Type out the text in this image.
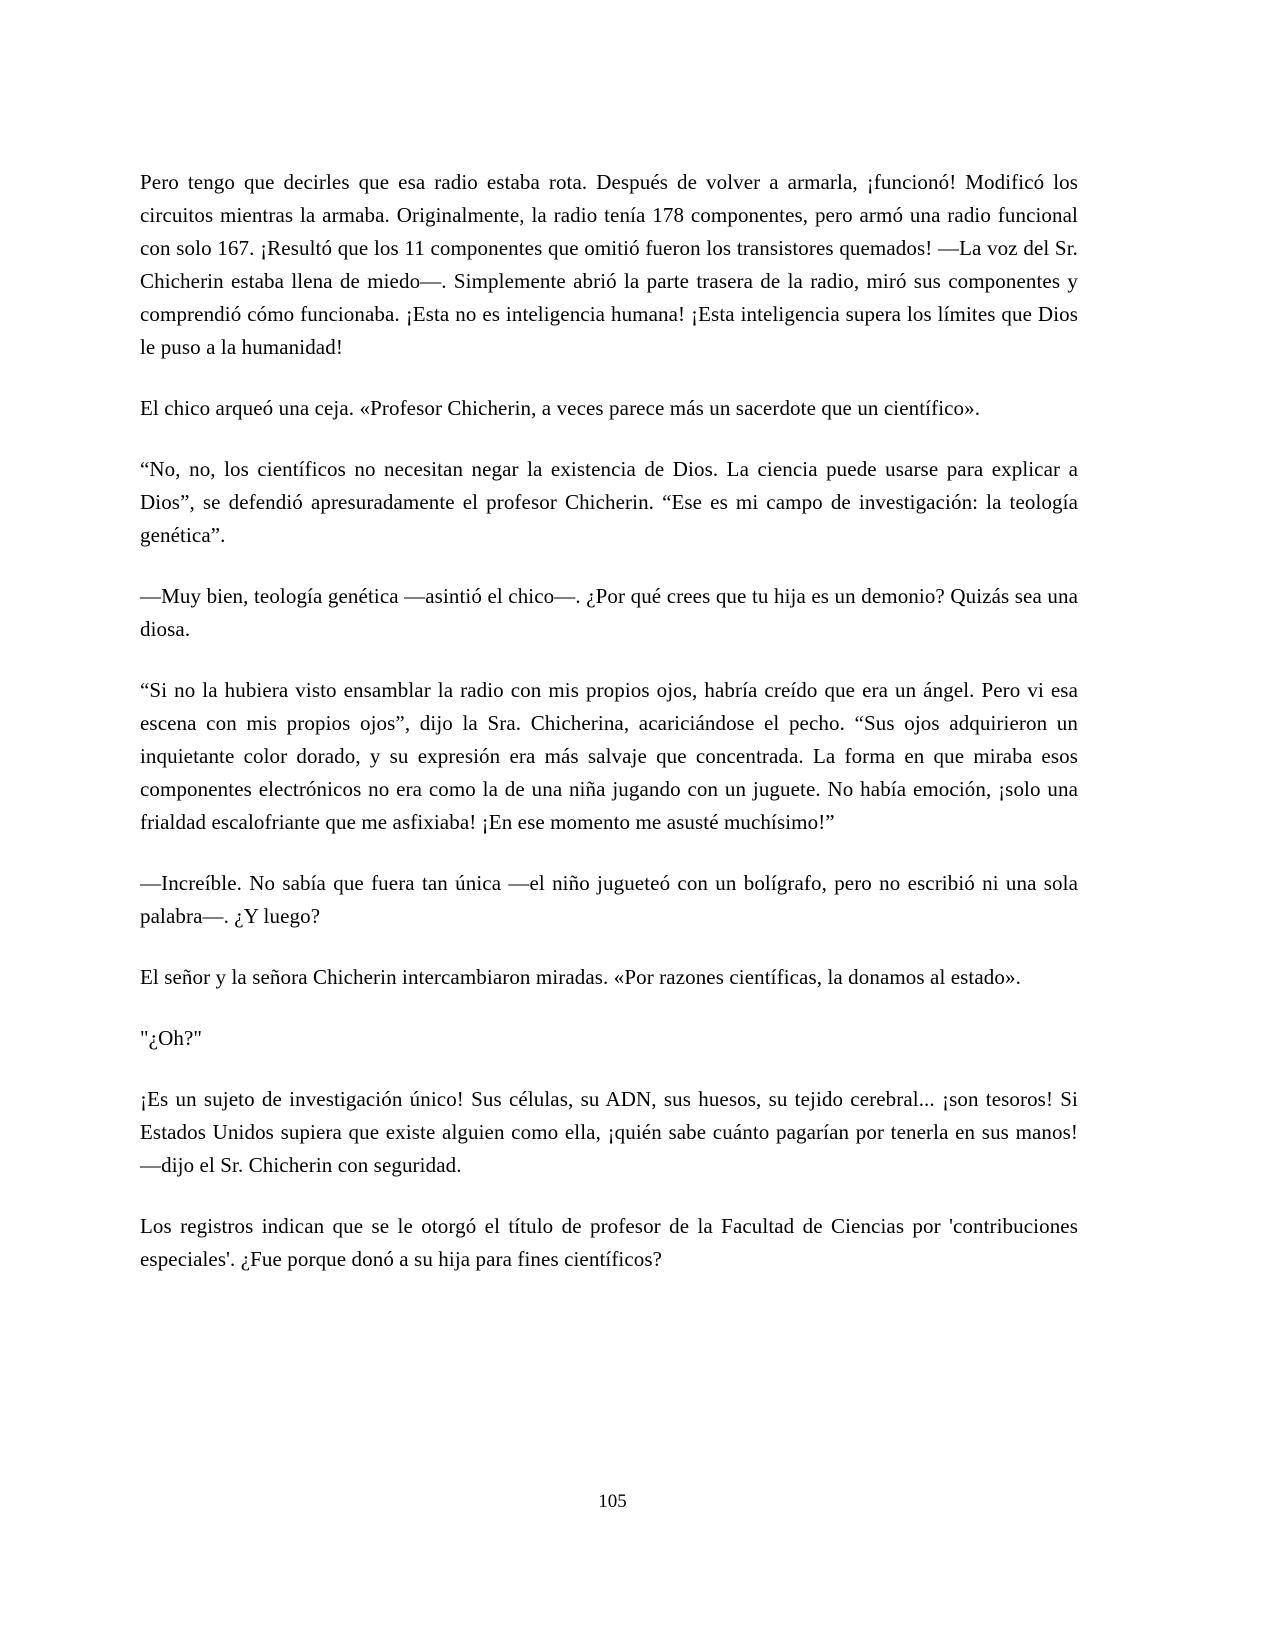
Pero tengo que decirles que esa radio estaba rota. Después de volver a armarla, ¡funcionó! Modificó los circuitos mientras la armaba. Originalmente, la radio tenía 178 componentes, pero armó una radio funcional con solo 167. ¡Resultó que los 11 componentes que omitió fueron los transistores quemados! —La voz del Sr. Chicherin estaba llena de miedo—. Simplemente abrió la parte trasera de la radio, miró sus componentes y comprendió cómo funcionaba. ¡Esta no es inteligencia humana! ¡Esta inteligencia supera los límites que Dios le puso a la humanidad!

El chico arqueó una ceja. «Profesor Chicherin, a veces parece más un sacerdote que un científico».

“No, no, los científicos no necesitan negar la existencia de Dios. La ciencia puede usarse para explicar a Dios”, se defendió apresuradamente el profesor Chicherin. “Ese es mi campo de investigación: la teología genética”.

—Muy bien, teología genética —asintió el chico—. ¿Por qué crees que tu hija es un demonio? Quizás sea una diosa.

“Si no la hubiera visto ensamblar la radio con mis propios ojos, habría creído que era un ángel. Pero vi esa escena con mis propios ojos”, dijo la Sra. Chicherina, acariciándose el pecho. “Sus ojos adquirieron un inquietante color dorado, y su expresión era más salvaje que concentrada. La forma en que miraba esos componentes electrónicos no era como la de una niña jugando con un juguete. No había emoción, ¡solo una frialdad escalofriante que me asfixiaba! ¡En ese momento me asusté muchísimo!”

—Increíble. No sabía que fuera tan única —el niño jugueteó con un bolígrafo, pero no escribió ni una sola palabra—. ¿Y luego?

El señor y la señora Chicherin intercambiaron miradas. «Por razones científicas, la donamos al estado».

"¿Oh?"

¡Es un sujeto de investigación único! Sus células, su ADN, sus huesos, su tejido cerebral... ¡son tesoros! Si Estados Unidos supiera que existe alguien como ella, ¡quién sabe cuánto pagarían por tenerla en sus manos! —dijo el Sr. Chicherin con seguridad.

Los registros indican que se le otorgó el título de profesor de la Facultad de Ciencias por 'contribuciones especiales'. ¿Fue porque donó a su hija para fines científicos?

105
